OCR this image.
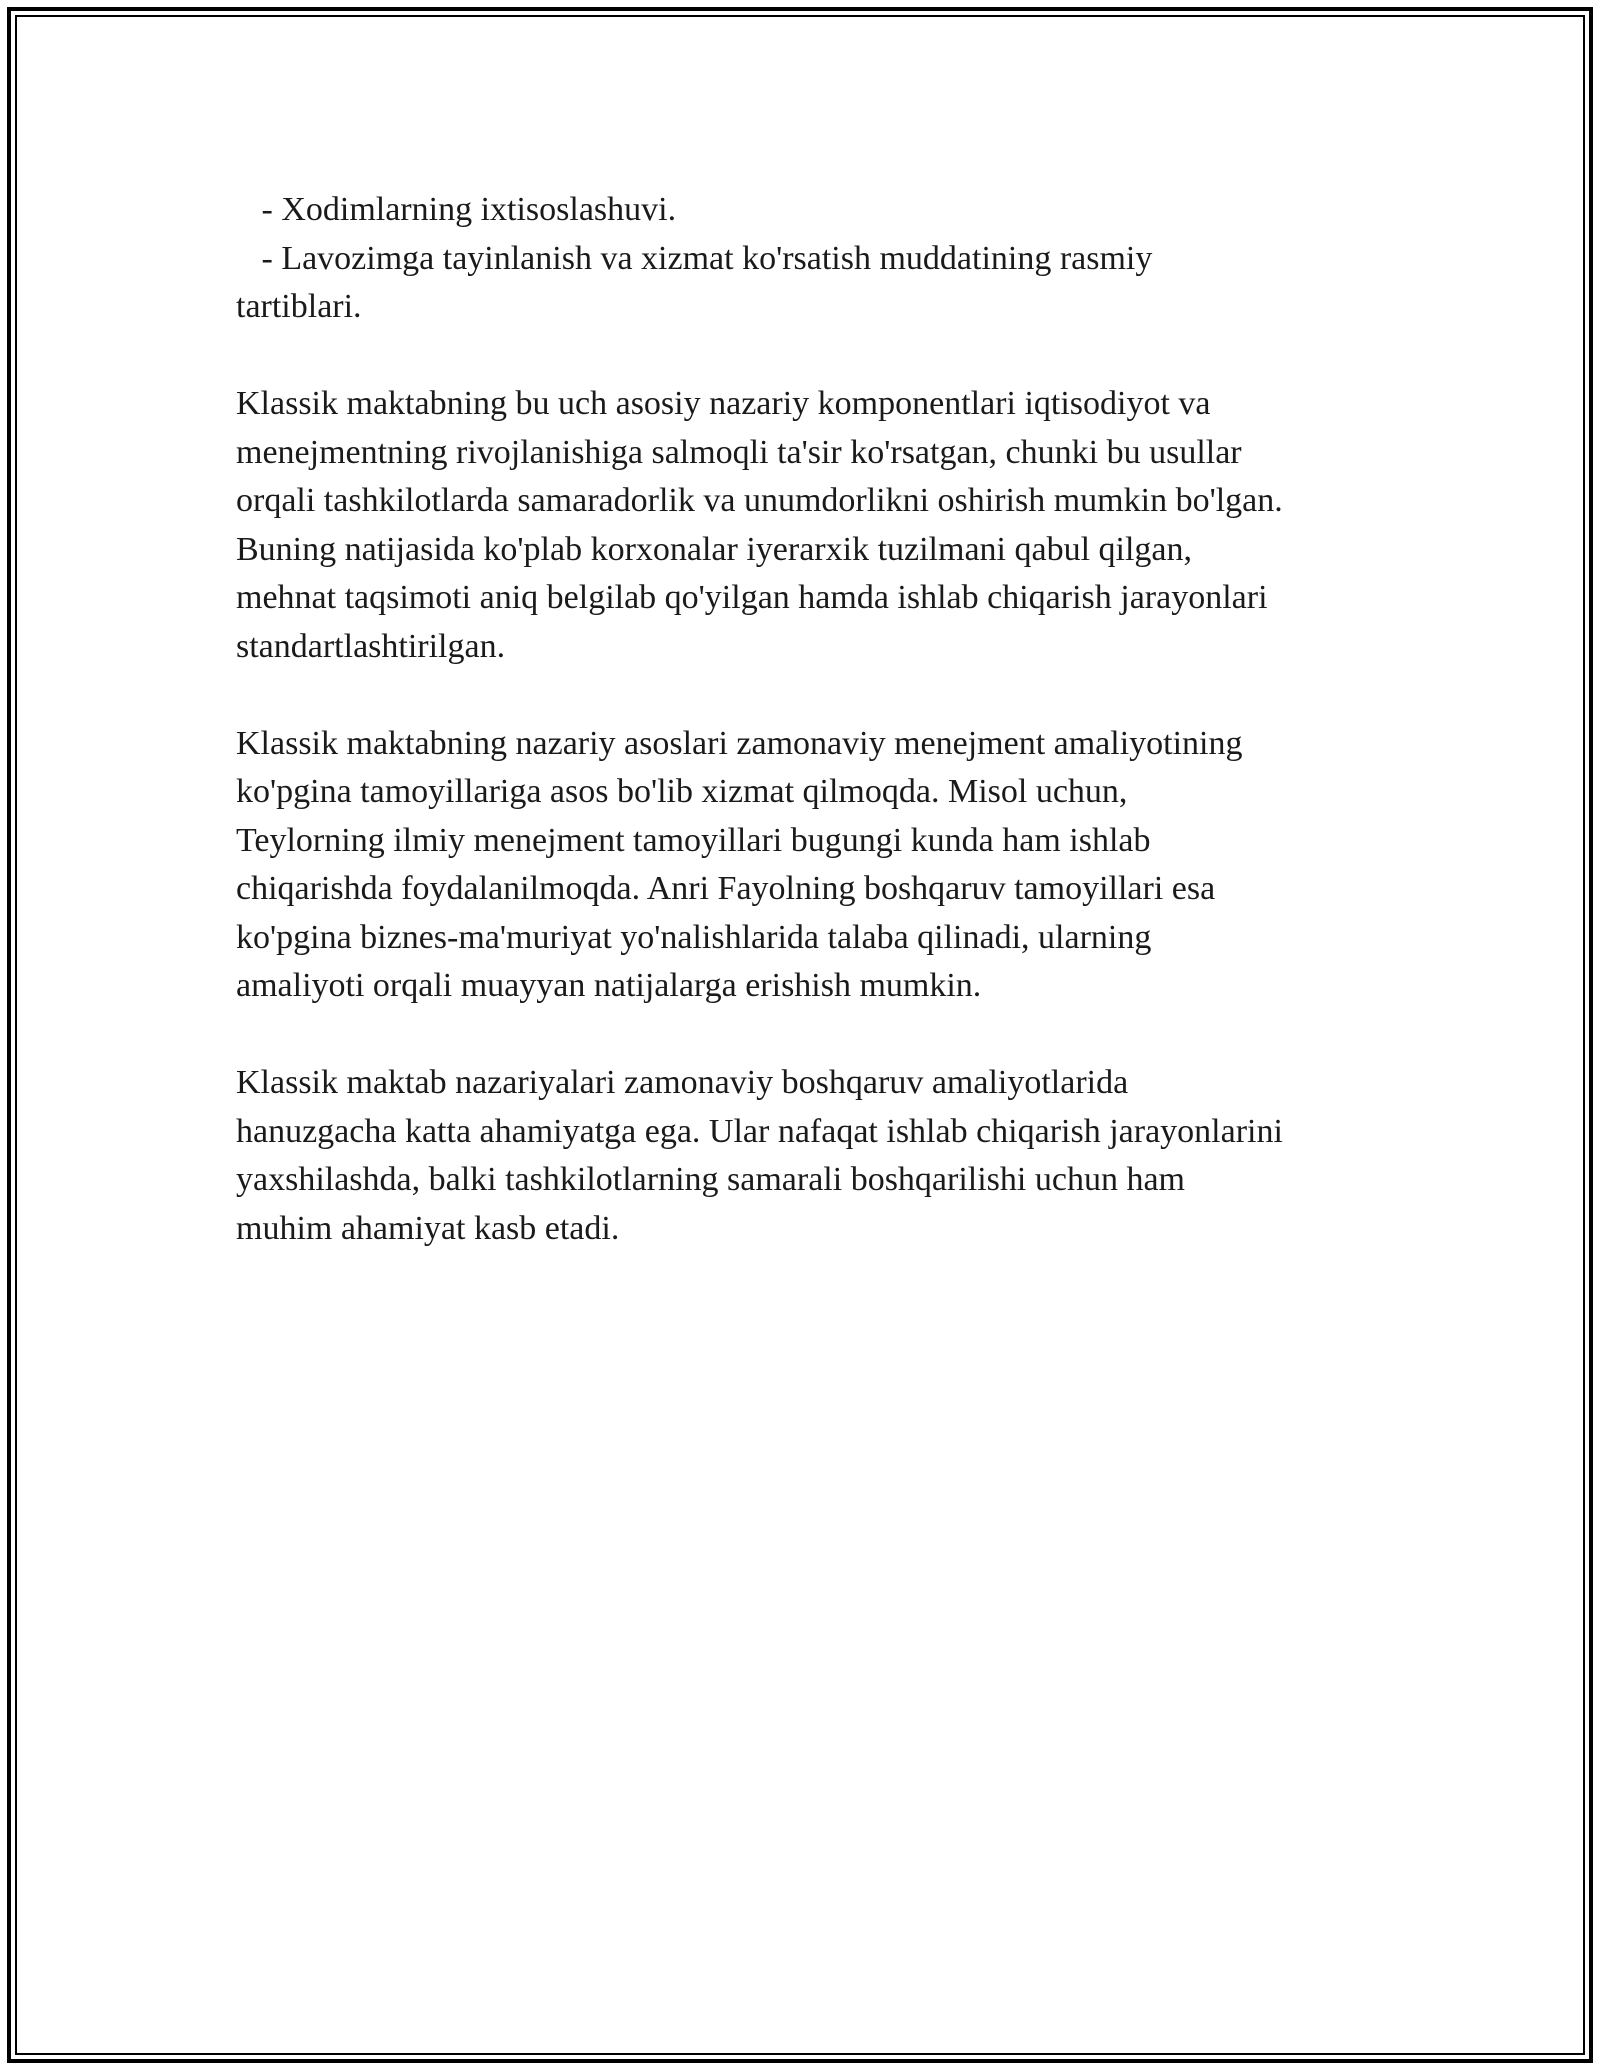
- Xodimlarning ixtisoslashuvi.
- Lavozimga tayinlanish va xizmat ko'rsatish muddatining rasmiy
tartiblari.
Klassik maktabning bu uch asosiy nazariy komponentlari iqtisodiyot va
menejmentning rivojlanishiga salmoqli ta'sir ko'rsatgan, chunki bu usullar
orqali tashkilotlarda samaradorlik va unumdorlikni oshirish mumkin bo'lgan.
Buning natijasida ko'plab korxonalar iyerarxik tuzilmani qabul qilgan,
mehnat taqsimoti aniq belgilab qo'yilgan hamda ishlab chiqarish jarayonlari
standartlashtirilgan.
Klassik maktabning nazariy asoslari zamonaviy menejment amaliyotining
ko'pgina tamoyillariga asos bo'lib xizmat qilmoqda. Misol uchun,
Teylorning ilmiy menejment tamoyillari bugungi kunda ham ishlab
chiqarishda foydalanilmoqda. Anri Fayolning boshqaruv tamoyillari esa
ko'pgina biznes-ma'muriyat yo'nalishlarida talaba qilinadi, ularning
amaliyoti orqali muayyan natijalarga erishish mumkin.
Klassik maktab nazariyalari zamonaviy boshqaruv amaliyotlarida
hanuzgacha katta ahamiyatga ega. Ular nafaqat ishlab chiqarish jarayonlarini
yaxshilashda, balki tashkilotlarning samarali boshqarilishi uchun ham
muhim ahamiyat kasb etadi.
